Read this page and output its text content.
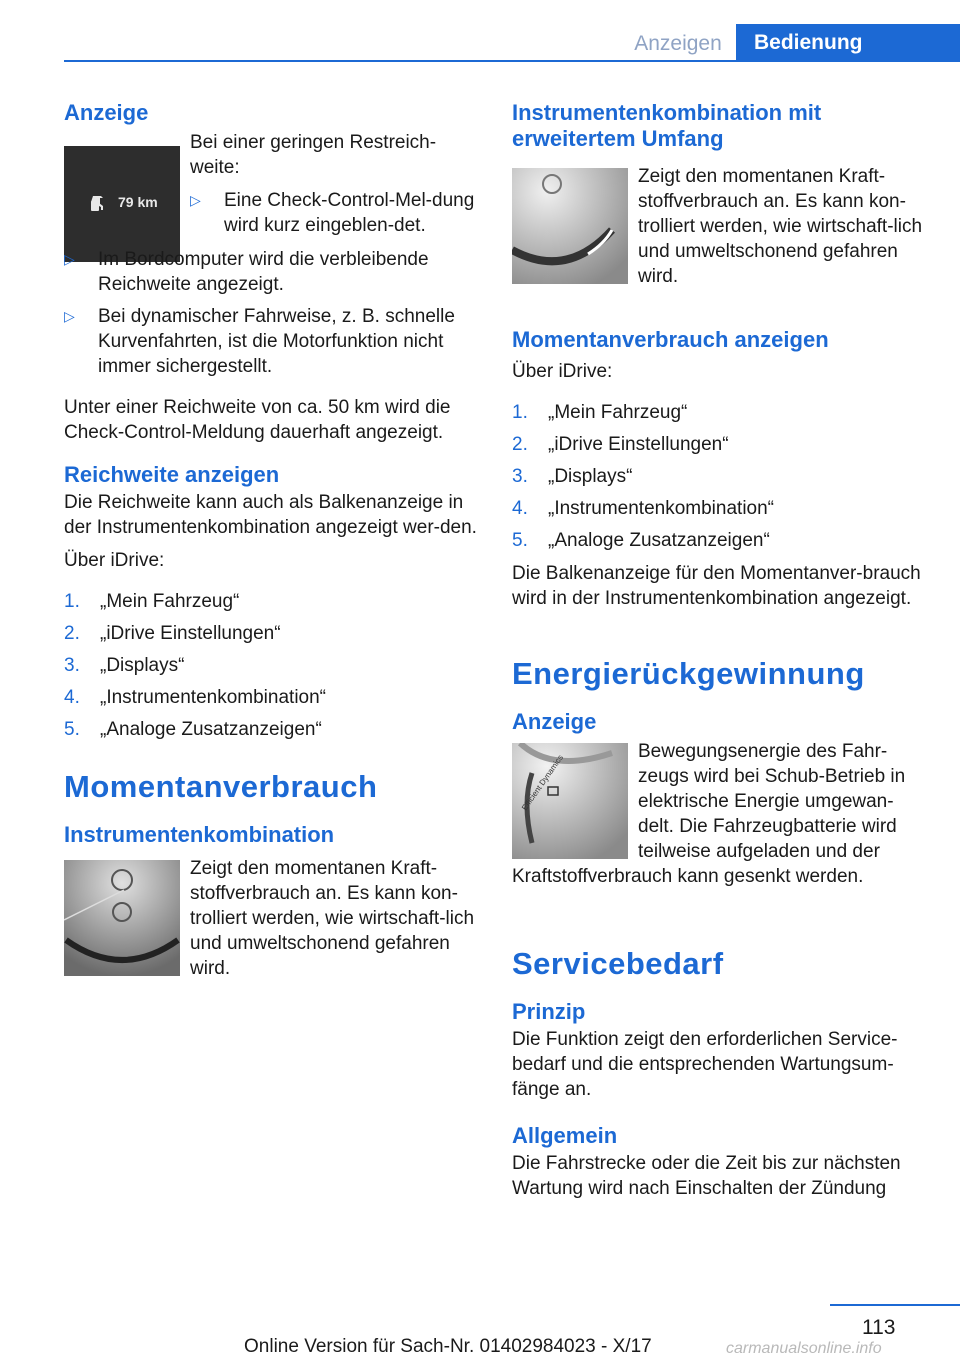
Anzeigen	Bedienung
Anzeige
79 km
Bei einer geringen Restreich-weite:
▷ Eine Check-Control-Mel-dung wird kurz eingeblen-det.
▷ Im Bordcomputer wird die verbleibende Reichweite angezeigt.
▷ Bei dynamischer Fahrweise, z. B. schnelle Kurvenfahrten, ist die Motorfunktion nicht immer sichergestellt.
Unter einer Reichweite von ca. 50 km wird die Check-Control-Meldung dauerhaft angezeigt.
Reichweite anzeigen
Die Reichweite kann auch als Balkenanzeige in der Instrumentenkombination angezeigt wer-den.
Über iDrive:
1. „Mein Fahrzeug“
2. „iDrive Einstellungen“
3. „Displays“
4. „Instrumentenkombination“
5. „Analoge Zusatzanzeigen“
Momentanverbrauch
Instrumentenkombination
Zeigt den momentanen Kraft-stoffverbrauch an. Es kann kon-trolliert werden, wie wirtschaft-lich und umweltschonend gefahren wird.
Instrumentenkombination mit erweitertem Umfang
Zeigt den momentanen Kraft-stoffverbrauch an. Es kann kon-trolliert werden, wie wirtschaft-lich und umweltschonend gefahren wird.
Momentanverbrauch anzeigen
Über iDrive:
1. „Mein Fahrzeug“
2. „iDrive Einstellungen“
3. „Displays“
4. „Instrumentenkombination“
5. „Analoge Zusatzanzeigen“
Die Balkenanzeige für den Momentanver-brauch wird in der Instrumentenkombination angezeigt.
Energierückgewinnung
Anzeige
Efficient Dynamics
Bewegungsenergie des Fahr-zeugs wird bei Schub-Betrieb in elektrische Energie umgewan-delt. Die Fahrzeugbatterie wird teilweise aufgeladen und der
Kraftstoffverbrauch kann gesenkt werden.
Servicebedarf
Prinzip
Die Funktion zeigt den erforderlichen Service-bedarf und die entsprechenden Wartungsum-fänge an.
Allgemein
Die Fahrstrecke oder die Zeit bis zur nächsten Wartung wird nach Einschalten der Zündung
113
Online Version für Sach-Nr. 01402984023 - X/17	carmanualsonline.info
